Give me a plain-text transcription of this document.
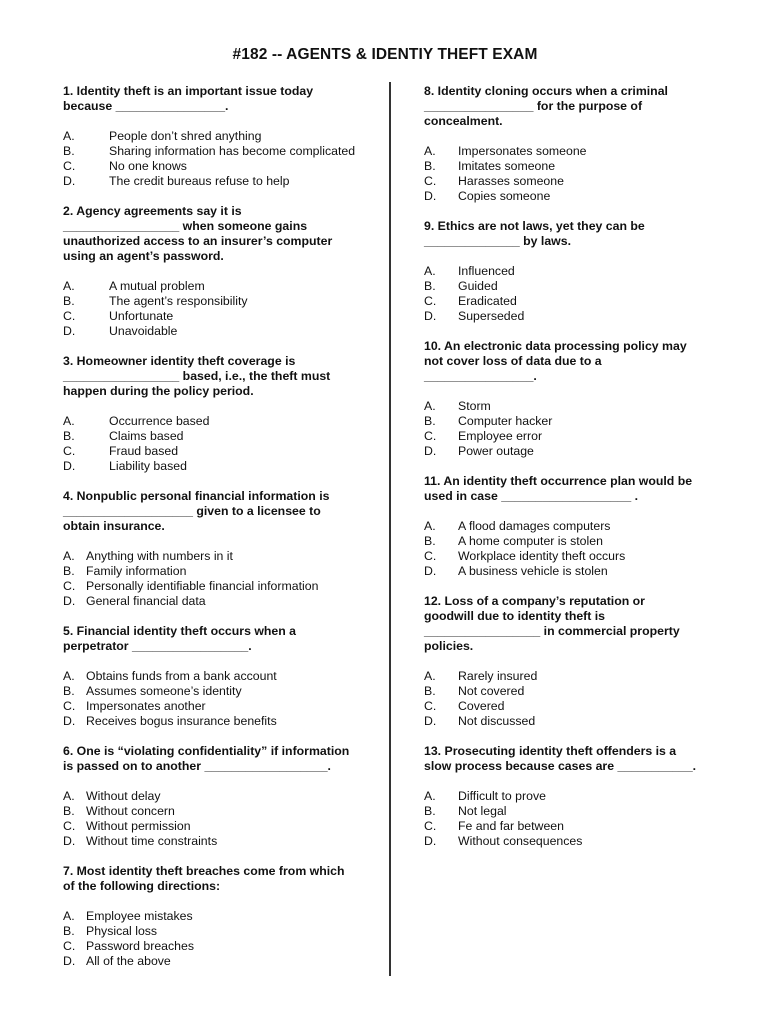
#182 -- AGENTS & IDENTIY THEFT EXAM

1. Identity theft is an important issue today
because ________________.

A.	People don’t shred anything
B.	Sharing information has become complicated
C.	No one knows
D.	The credit bureaus refuse to help

2. Agency agreements say it is
_________________ when someone gains
unauthorized access to an insurer’s computer
using an agent’s password.

A.	A mutual problem
B.	The agent’s responsibility
C.	Unfortunate
D.	Unavoidable

3. Homeowner identity theft coverage is
_________________ based, i.e., the theft must
happen during the policy period.

A.	Occurrence based
B.	Claims based
C.	Fraud based
D.	Liability based

4. Nonpublic personal financial information is
___________________ given to a licensee to
obtain insurance.

A. Anything with numbers in it
B. Family information
C. Personally identifiable financial information
D. General financial data

5. Financial identity theft occurs when a
perpetrator _________________.

A. Obtains funds from a bank account
B. Assumes someone’s identity
C. Impersonates another
D. Receives bogus insurance benefits

6. One is “violating confidentiality” if information
is passed on to another __________________.

A. Without delay
B. Without concern
C. Without permission
D. Without time constraints

7. Most identity theft breaches come from which
of the following directions:

A. Employee mistakes
B. Physical loss
C. Password breaches
D. All of the above

8. Identity cloning occurs when a criminal
________________ for the purpose of
concealment.

A.	Impersonates someone
B.	Imitates someone
C.	Harasses someone
D.	Copies someone

9. Ethics are not laws, yet they can be
______________ by laws.

A.	Influenced
B.	Guided
C.	Eradicated
D.	Superseded

10. An electronic data processing policy may
not cover loss of data due to a
________________.

A.	Storm
B.	Computer hacker
C.	Employee error
D.	Power outage

11. An identity theft occurrence plan would be
used in case ___________________ .

A.	A flood damages computers
B.	A home computer is stolen
C.	Workplace identity theft occurs
D.	A business vehicle is stolen

12. Loss of a company’s reputation or
goodwill due to identity theft is
_________________ in commercial property
policies.

A.	Rarely insured
B.	Not covered
C.	Covered
D.	Not discussed

13. Prosecuting identity theft offenders is a
slow process because cases are ___________.

A.	Difficult to prove
B.	Not legal
C.	Fe and far between
D.	Without consequences
